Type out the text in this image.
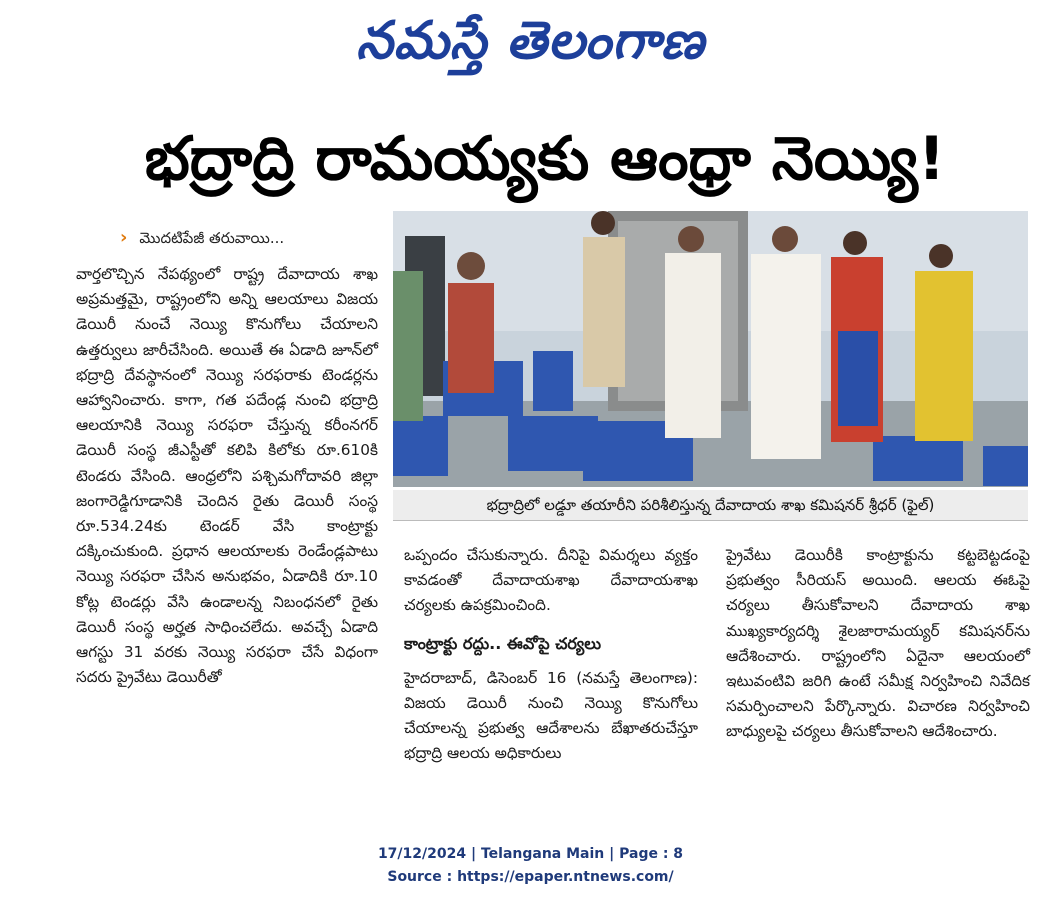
నమస్తే తెలంగాణ
భద్రాద్రి రామయ్యకు ఆంధ్రా నెయ్యి!
› మొదటిపేజీ తరువాయి...

వార్తలొచ్చిన నేపథ్యంలో రాష్ట్ర దేవాదాయ శాఖ అప్రమత్తమై, రాష్ట్రంలోని అన్ని ఆలయాలు విజయ డెయిరీ నుంచే నెయ్యి కొనుగోలు చేయాలని ఉత్తర్వులు జారీచేసింది. అయితే ఈ ఏడాది జూన్‌లో భద్రాద్రి దేవస్థానంలో నెయ్యి సరఫరాకు టెండర్లను ఆహ్వానించారు. కాగా, గత పదేండ్ల నుంచి భద్రాద్రి ఆలయానికి నెయ్యి సరఫరా చేస్తున్న కరీంనగర్ డెయిరీ సంస్థ జీఎస్టీతో కలిపి కిలోకు రూ.610కి టెండరు వేసింది. ఆంధ్రలోని పశ్చిమగోదావరి జిల్లా జంగారెడ్డిగూడానికి చెందిన రైతు డెయిరీ సంస్థ రూ.534.24కు టెండర్ వేసి కాంట్రాక్టు దక్కించుకుంది. ప్రధాన ఆలయాలకు రెండేండ్లపాటు నెయ్యి సరఫరా చేసిన అనుభవం, ఏడాదికి రూ.10 కోట్ల టెండర్లు వేసి ఉండాలన్న నిబంధనలో రైతు డెయిరీ సంస్థ అర్హత సాధించలేదు. అవచ్చే ఏడాది ఆగస్టు 31 వరకు నెయ్యి సరఫరా చేసే విధంగా సదరు ప్రైవేటు డెయిరీతో

భద్రాద్రిలో లడ్డూ తయారీని పరిశీలిస్తున్న దేవాదాయ శాఖ కమిషనర్ శ్రీధర్ (ఫైల్)

ఒప్పందం చేసుకున్నారు. దీనిపై విమర్శలు వ్యక్తం కావడంతో దేవాదాయశాఖ దేవాదాయశాఖ చర్యలకు ఉపక్రమించింది.

కాంట్రాక్టు రద్దు.. ఈవోపై చర్యలు

హైదరాబాద్, డిసెంబర్ 16 (నమస్తే తెలంగాణ): విజయ డెయిరీ నుంచి నెయ్యి కొనుగోలు చేయాలన్న ప్రభుత్వ ఆదేశాలను బేఖాతరుచేస్తూ భద్రాద్రి ఆలయ అధికారులు

ప్రైవేటు డెయిరీకి కాంట్రాక్టును కట్టబెట్టడంపై ప్రభుత్వం సీరియస్ అయింది. ఆలయ ఈఓపై చర్యలు తీసుకోవాలని దేవాదాయ శాఖ ముఖ్యకార్యదర్శి శైలజారామయ్యర్ కమిషనర్‌ను ఆదేశించారు. రాష్ట్రంలోని ఏదైనా ఆలయంలో ఇటువంటివి జరిగి ఉంటే సమీక్ష నిర్వహించి నివేదిక సమర్పించాలని పేర్కొన్నారు. విచారణ నిర్వహించి బాధ్యులపై చర్యలు తీసుకోవాలని ఆదేశించారు.

17/12/2024 | Telangana Main | Page : 8
Source : https://epaper.ntnews.com/
